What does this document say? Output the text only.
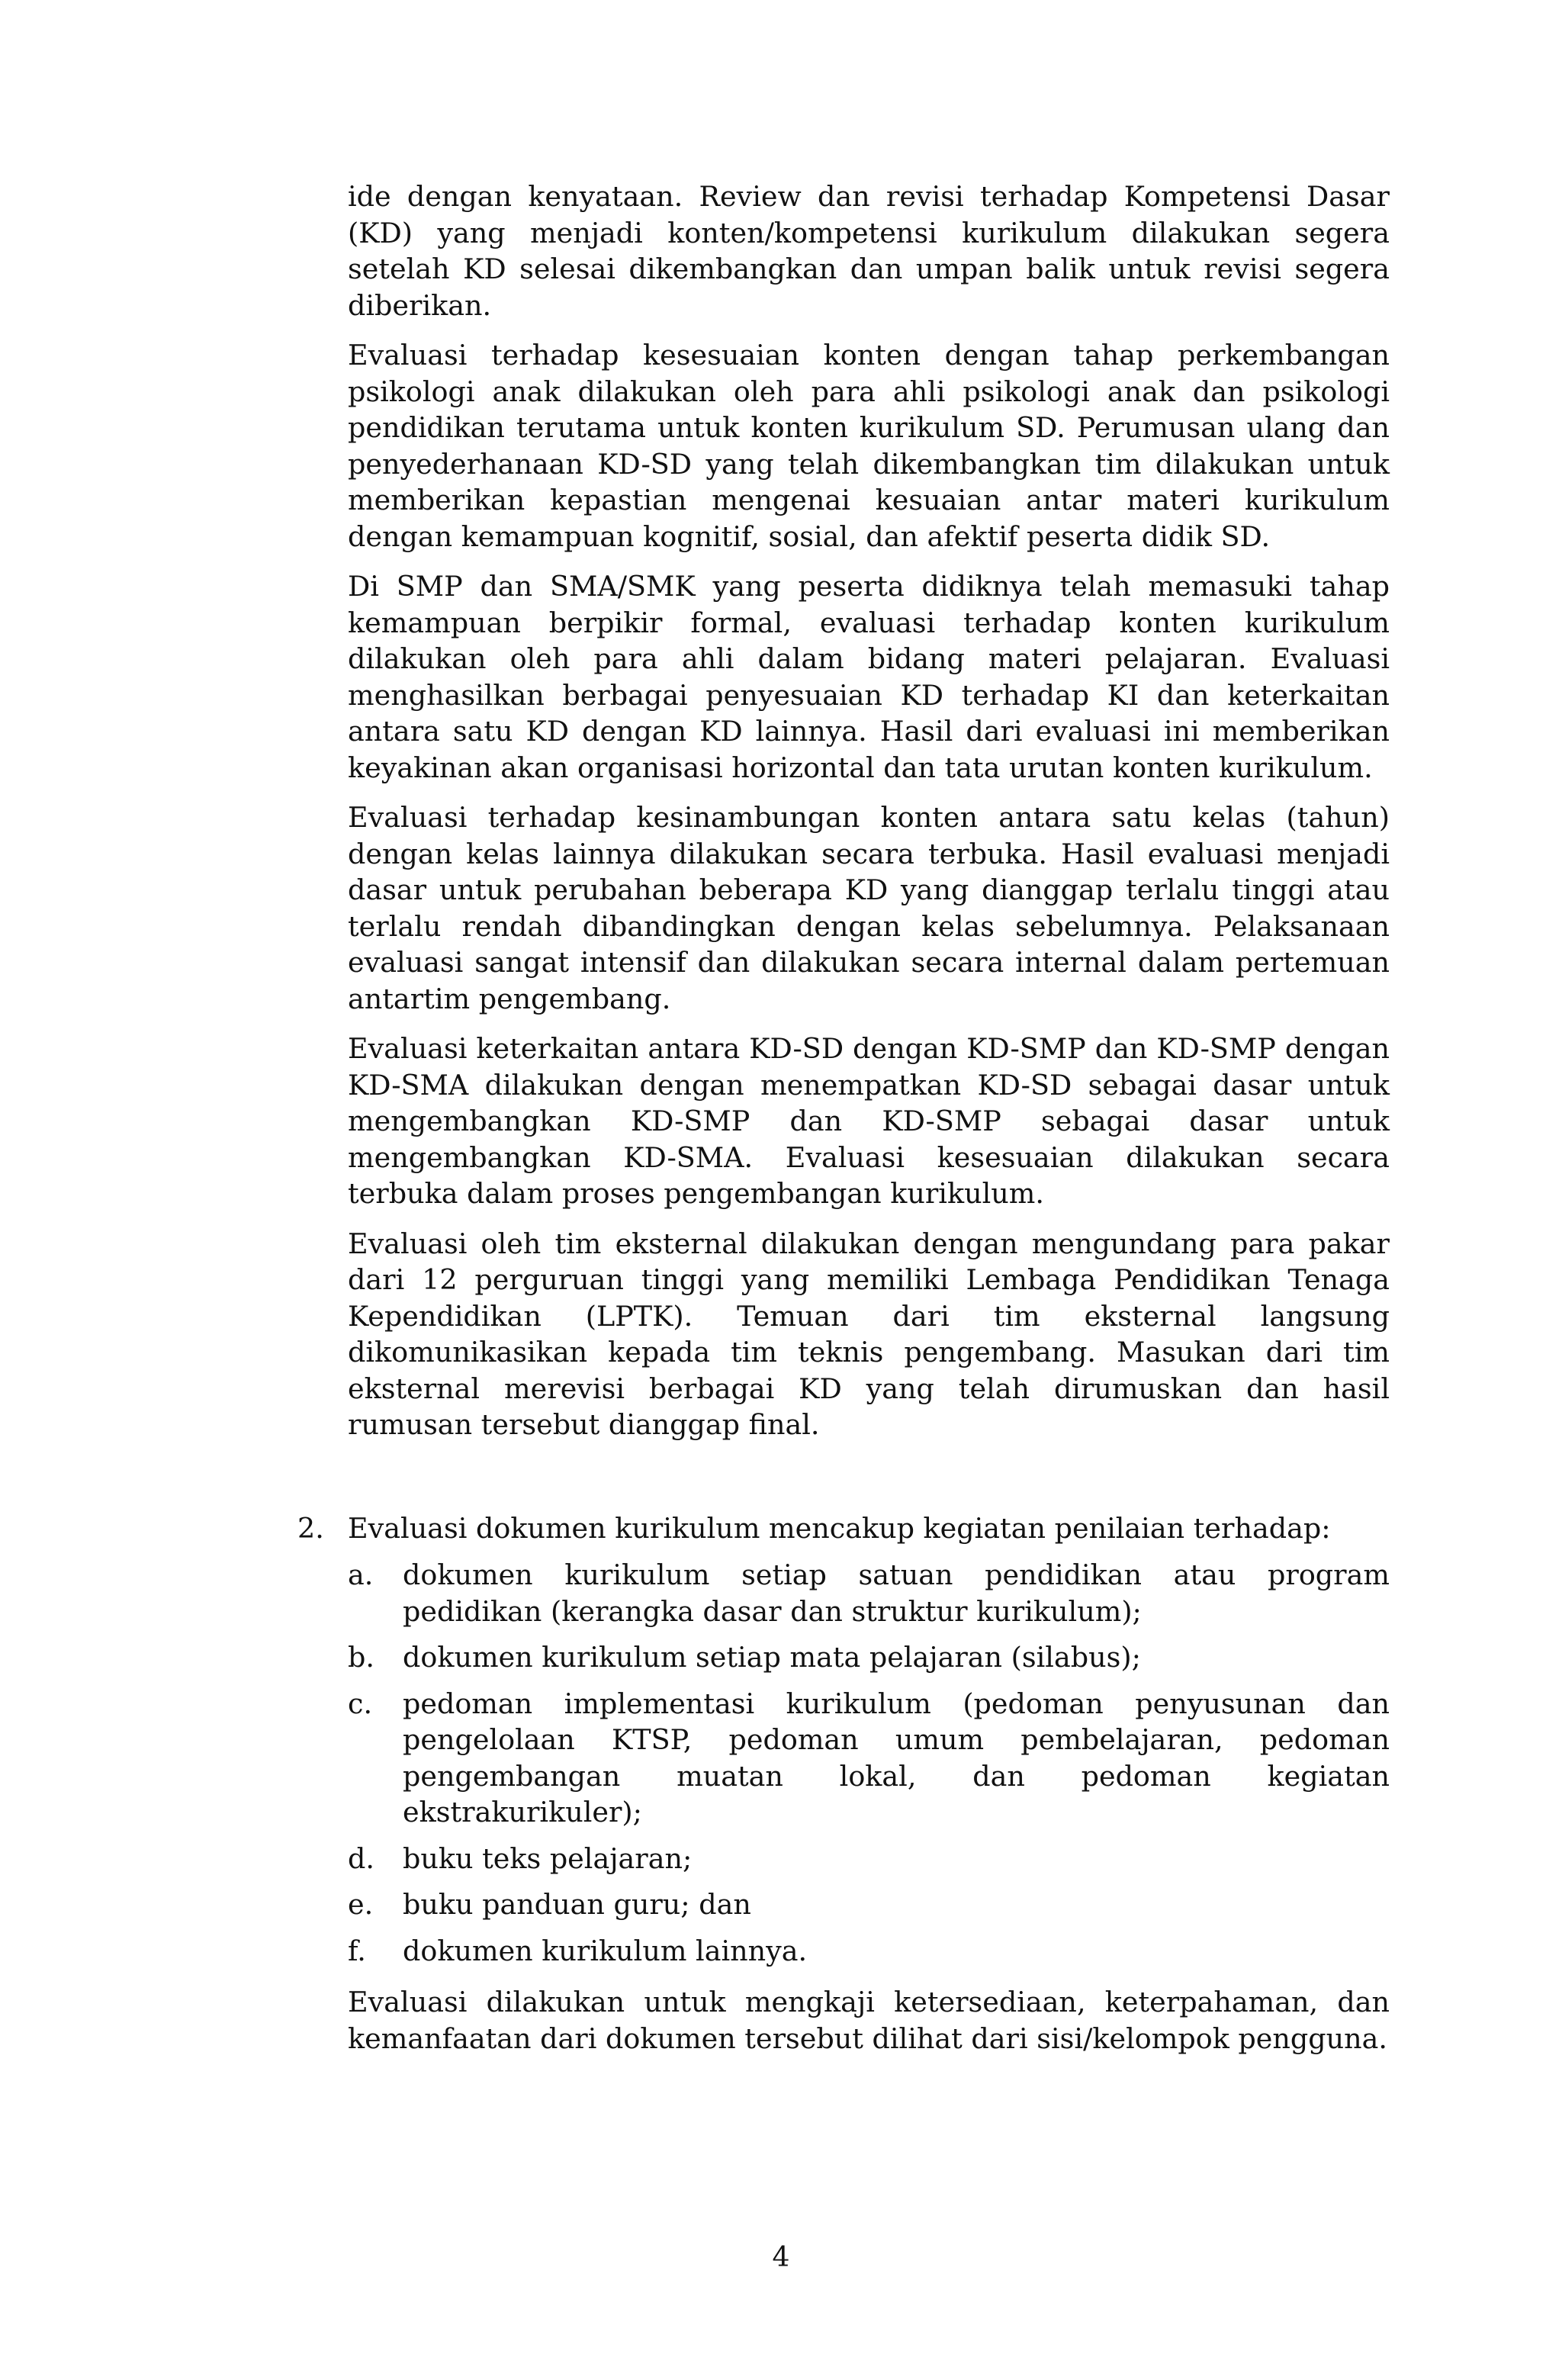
ide dengan kenyataan. Review dan revisi terhadap Kompetensi Dasar (KD) yang menjadi konten/kompetensi kurikulum dilakukan segera setelah KD selesai dikembangkan dan umpan balik untuk revisi segera diberikan.

Evaluasi terhadap kesesuaian konten dengan tahap perkembangan psikologi anak dilakukan oleh para ahli psikologi anak dan psikologi pendidikan terutama untuk konten kurikulum SD. Perumusan ulang dan penyederhanaan KD-SD yang telah dikembangkan tim dilakukan untuk memberikan kepastian mengenai kesuaian antar materi kurikulum dengan kemampuan kognitif, sosial, dan afektif peserta didik SD.

Di SMP dan SMA/SMK yang peserta didiknya telah memasuki tahap kemampuan berpikir formal, evaluasi terhadap konten kurikulum dilakukan oleh para ahli dalam bidang materi pelajaran. Evaluasi menghasilkan berbagai penyesuaian KD terhadap KI dan keterkaitan antara satu KD dengan KD lainnya. Hasil dari evaluasi ini memberikan keyakinan akan organisasi horizontal dan tata urutan konten kurikulum.

Evaluasi terhadap kesinambungan konten antara satu kelas (tahun) dengan kelas lainnya dilakukan secara terbuka. Hasil evaluasi menjadi dasar untuk perubahan beberapa KD yang dianggap terlalu tinggi atau terlalu rendah dibandingkan dengan kelas sebelumnya. Pelaksanaan evaluasi sangat intensif dan dilakukan secara internal dalam pertemuan antartim pengembang.

Evaluasi keterkaitan antara KD-SD dengan KD-SMP dan KD-SMP dengan KD-SMA dilakukan dengan menempatkan KD-SD sebagai dasar untuk mengembangkan KD-SMP dan KD-SMP sebagai dasar untuk mengembangkan KD-SMA. Evaluasi kesesuaian dilakukan secara terbuka dalam proses pengembangan kurikulum.

Evaluasi oleh tim eksternal dilakukan dengan mengundang para pakar dari 12 perguruan tinggi yang memiliki Lembaga Pendidikan Tenaga Kependidikan (LPTK). Temuan dari tim eksternal langsung dikomunikasikan kepada tim teknis pengembang. Masukan dari tim eksternal merevisi berbagai KD yang telah dirumuskan dan hasil rumusan tersebut dianggap final.

2. Evaluasi dokumen kurikulum mencakup kegiatan penilaian terhadap:

a. dokumen kurikulum setiap satuan pendidikan atau program pedidikan (kerangka dasar dan struktur kurikulum);
b. dokumen kurikulum setiap mata pelajaran (silabus);
c. pedoman implementasi kurikulum (pedoman penyusunan dan pengelolaan KTSP, pedoman umum pembelajaran, pedoman pengembangan muatan lokal, dan pedoman kegiatan ekstrakurikuler);
d. buku teks pelajaran;
e. buku panduan guru; dan
f. dokumen kurikulum lainnya.

Evaluasi dilakukan untuk mengkaji ketersediaan, keterpahaman, dan kemanfaatan dari dokumen tersebut dilihat dari sisi/kelompok pengguna.

4
